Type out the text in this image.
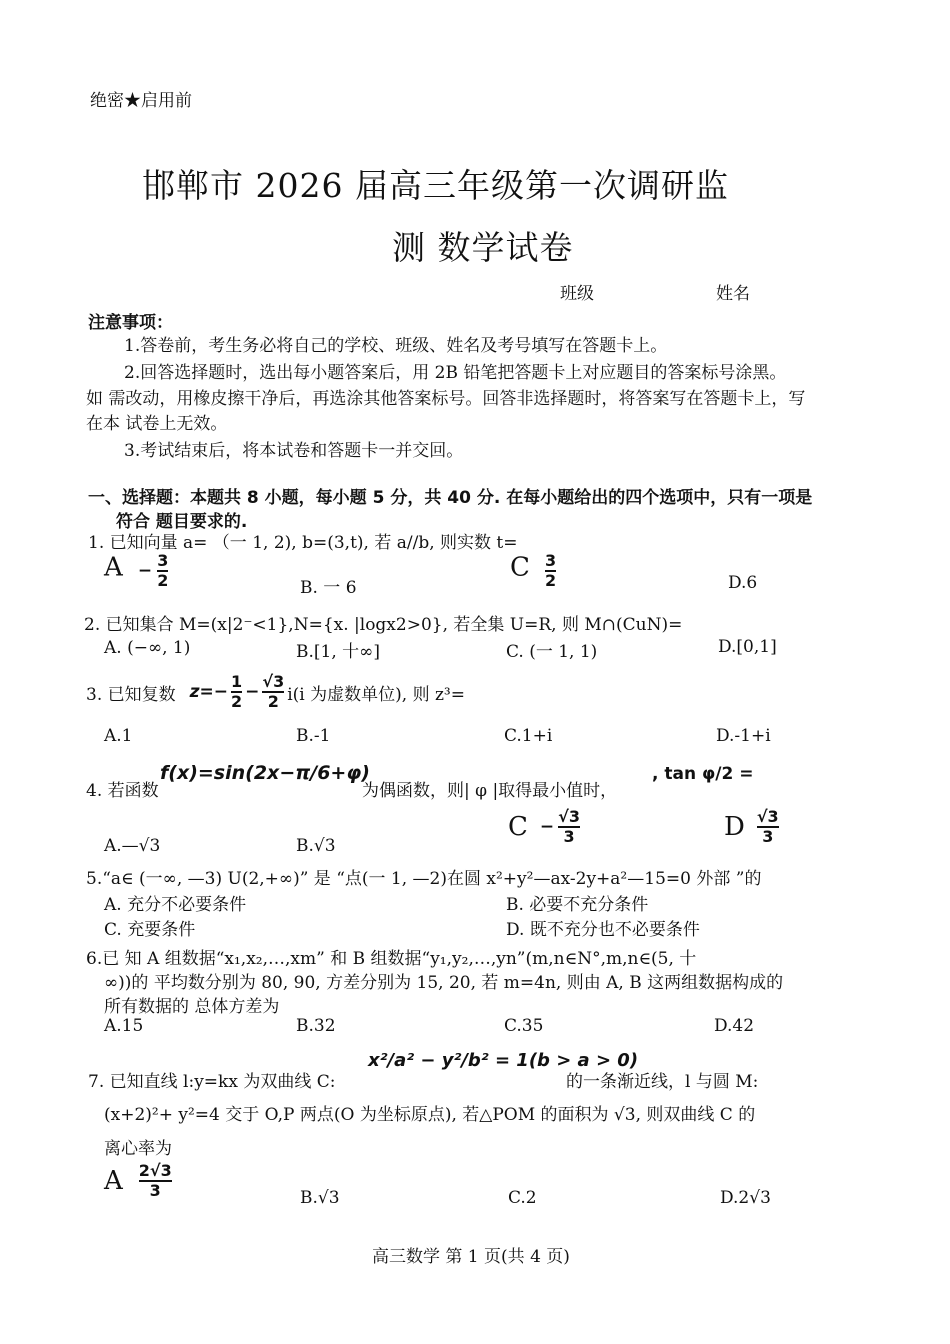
绝密★启用前
邯郸市 2026 届高三年级第一次调研监
测 数学试卷
班级	姓名
注意事项：
1.答卷前，考生务必将自己的学校、班级、姓名及考号填写在答题卡上。
2.回答选择题时，选出每小题答案后，用 2B 铅笔把答题卡上对应题目的答案标号涂黑。
如 需改动，用橡皮擦干净后，再选涂其他答案标号。回答非选择题时，将答案写在答题卡上，写
在本 试卷上无效。
3.考试结束后，将本试卷和答题卡一并交回。
一、选择题：本题共 8 小题，每小题 5 分，共 40 分. 在每小题给出的四个选项中，只有一项是
符合 题目要求的.
1. 已知向量 a= （一 1, 2), b=(3,t), 若 a//b, 则实数 t=
$A - \frac{3}{2}$	B. 一 6
C $\frac{3}{2}$	D.6
2. 已知集合 M=(x|2⁻<1},N={x. |logx2>0}, 若全集 U=R, 则 M∩(CuN)=
A. (−∞, 1)	B.[1, 十∞]	C. (一 1, 1)	D.[0,1]
3. 已知复数 $z=- \frac{1}{2} - \frac{√3}{2} i(i$ 为虚数单位), 则 z³=
A.1	B.-1	C.1+i	D.-1+i
4. 若函数
f(x)=sin(2x−π/6+φ)
为偶函数，则| φ |取得最小值时，
, tan φ/2 =
A.—√3	B.√3
$C - \frac{√3}{3}$	D $\frac{√3}{3}$
5.“a∈ (一∞, —3) U(2,+∞)” 是 “点(一 1, —2)在圆 x²+y²—ax-2y+a²—15=0 外部 ”的
A. 充分不必要条件	B. 必要不充分条件
C. 充要条件	D. 既不充分也不必要条件
6.已 知 A 组数据“x₁,x₂,…,xm” 和 B 组数据“y₁,y₂,…,yn”(m,n∈N°,m,n∈(5, 十
∞))的 平均数分别为 80, 90, 方差分别为 15, 20, 若 m=4n, 则由 A, B 这两组数据构成的
所有数据的 总体方差为
A.15	B.32	C.35	D.42
7. 已知直线 l:y=kx 为双曲线 C:
x²/a² − y²/b² = 1(b > a > 0)
的一条渐近线，l 与圆 M:
(x+2)²+ y²=4 交于 O,P 两点(O 为坐标原点), 若△POM 的面积为 √3, 则双曲线 C 的
离心率为
A $\frac{2√3}{3}$	B.√3	C.2	D.2√3
高三数学 第 1 页(共 4 页)
